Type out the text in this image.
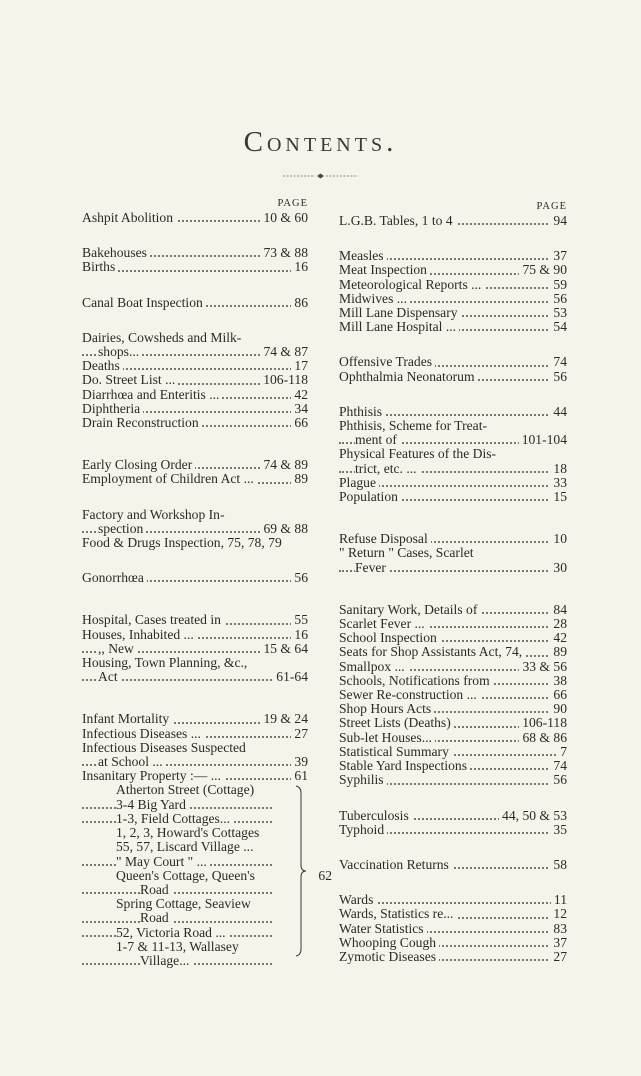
Contents.
PAGE
Ashpit Abolition	10 & 60
Bakehouses	73 & 88
Births	16
Canal Boat Inspection	86
Dairies, Cowsheds and Milk-
shops...	74 & 87
Deaths	17
Do. Street List ...	106-118
Diarrhœa and Enteritis ...	42
Diphtheria	34
Drain Reconstruction	66
Early Closing Order	74 & 89
Employment of Children Act ...	89
Factory and Workshop In-
spection	69 & 88
Food & Drugs Inspection, 75, 78, 79
Gonorrhœa	56
Hospital, Cases treated in	55
Houses, Inhabited ...	16
,, New	15 & 64
Housing, Town Planning, &c.,
Act	61-64
Infant Mortality	19 & 24
Infectious Diseases ...	27
Infectious Diseases Suspected
at School ...	39
Insanitary Property :— ...	61
Atherton Street (Cottage)
3-4 Big Yard
1-3, Field Cottages...
1, 2, 3, Howard's Cottages
55, 57, Liscard Village ...
" May Court " ...
Queen's Cottage, Queen's
Road
Spring Cottage, Seaview
Road
52, Victoria Road ...
1-7 & 11-13, Wallasey
Village...
62
PAGE
L.G.B. Tables, 1 to 4	94
Measles	37
Meat Inspection	75 & 90
Meteorological Reports ...	59
Midwives ...	56
Mill Lane Dispensary	53
Mill Lane Hospital ...	54
Offensive Trades	74
Ophthalmia Neonatorum	56
Phthisis	44
Phthisis, Scheme for Treat-
ment of	101-104
Physical Features of the Dis-
trict, etc. ...	18
Plague	33
Population	15
Refuse Disposal	10
" Return " Cases, Scarlet
Fever	30
Sanitary Work, Details of	84
Scarlet Fever ...	28
School Inspection	42
Seats for Shop Assistants Act, 74, 89
Smallpox ...	33 & 56
Schools, Notifications from	38
Sewer Re-construction ...	66
Shop Hours Acts	90
Street Lists (Deaths)	106-118
Sub-let Houses...	68 & 86
Statistical Summary	7
Stable Yard Inspections	74
Syphilis	56
Tuberculosis	44, 50 & 53
Typhoid	35
Vaccination Returns	58
Wards	11
Wards, Statistics re...	12
Water Statistics	83
Whooping Cough	37
Zymotic Diseases	27
